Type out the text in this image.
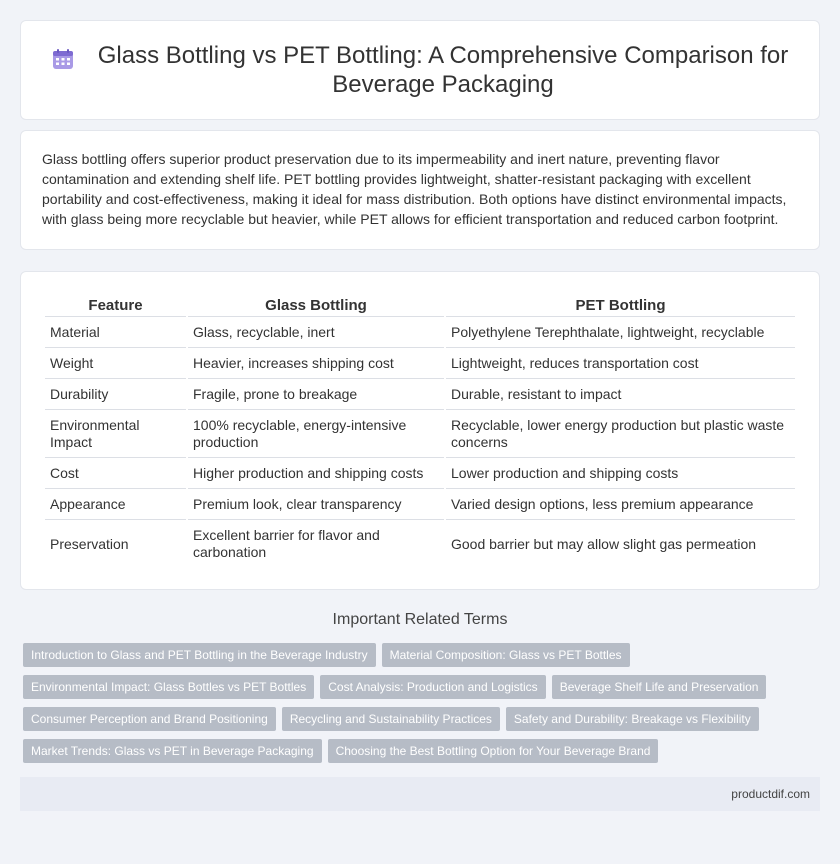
Glass Bottling vs PET Bottling: A Comprehensive Comparison for Beverage Packaging

Glass bottling offers superior product preservation due to its impermeability and inert nature, preventing flavor contamination and extending shelf life. PET bottling provides lightweight, shatter-resistant packaging with excellent portability and cost-effectiveness, making it ideal for mass distribution. Both options have distinct environmental impacts, with glass being more recyclable but heavier, while PET allows for efficient transportation and reduced carbon footprint.

Feature	Glass Bottling	PET Bottling
Material	Glass, recyclable, inert	Polyethylene Terephthalate, lightweight, recyclable
Weight	Heavier, increases shipping cost	Lightweight, reduces transportation cost
Durability	Fragile, prone to breakage	Durable, resistant to impact
Environmental Impact	100% recyclable, energy-intensive production	Recyclable, lower energy production but plastic waste concerns
Cost	Higher production and shipping costs	Lower production and shipping costs
Appearance	Premium look, clear transparency	Varied design options, less premium appearance
Preservation	Excellent barrier for flavor and carbonation	Good barrier but may allow slight gas permeation
Important Related Terms
Introduction to Glass and PET Bottling in the Beverage Industry	Material Composition: Glass vs PET Bottles
Environmental Impact: Glass Bottles vs PET Bottles	Cost Analysis: Production and Logistics	Beverage Shelf Life and Preservation
Consumer Perception and Brand Positioning	Recycling and Sustainability Practices	Safety and Durability: Breakage vs Flexibility
Market Trends: Glass vs PET in Beverage Packaging	Choosing the Best Bottling Option for Your Beverage Brand
productdif.com
